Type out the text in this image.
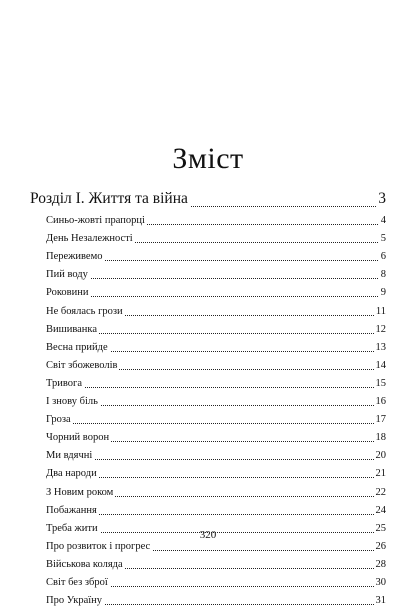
Зміст
Розділ I. Життя та війна	3
Синьо-жовті прапорці	4
День Незалежності	5
Переживемо	6
Пий воду	8
Роковини	9
Не боялась грози	11
Вишиванка	12
Весна прийде	13
Світ збожеволів	14
Тривога	15
І знову біль	16
Гроза	17
Чорний ворон	18
Ми вдячні	20
Два народи	21
З Новим роком	22
Побажання	24
Треба жити	25
Про розвиток і прогрес	26
Військова коляда	28
Світ без зброї	30
Про Україну	31
320
